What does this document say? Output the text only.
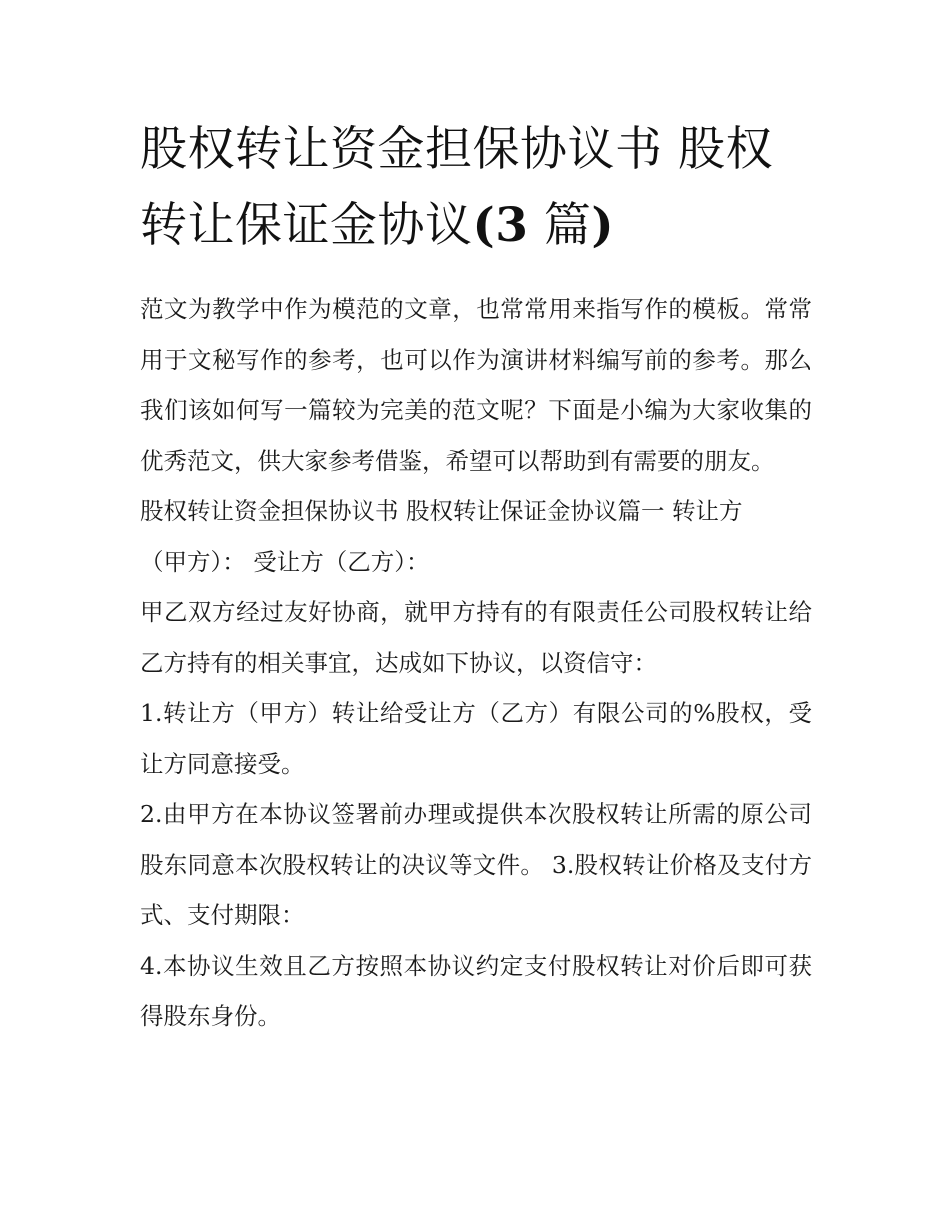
股权转让资金担保协议书 股权
转让保证金协议(3 篇)

范文为教学中作为模范的文章，也常常用来指写作的模板。常常用于文秘写作的参考，也可以作为演讲材料编写前的参考。那么我们该如何写一篇较为完美的范文呢？下面是小编为大家收集的优秀范文，供大家参考借鉴，希望可以帮助到有需要的朋友。

股权转让资金担保协议书 股权转让保证金协议篇一 转让方

（甲方）： 受让方（乙方）：

甲乙双方经过友好协商，就甲方持有的有限责任公司股权转让给乙方持有的相关事宜，达成如下协议，以资信守：

1.转让方（甲方）转让给受让方（乙方）有限公司的%股权，受让方同意接受。

2.由甲方在本协议签署前办理或提供本次股权转让所需的原公司股东同意本次股权转让的决议等文件。 3.股权转让价格及支付方式、支付期限：

4.本协议生效且乙方按照本协议约定支付股权转让对价后即可获得股东身份。
